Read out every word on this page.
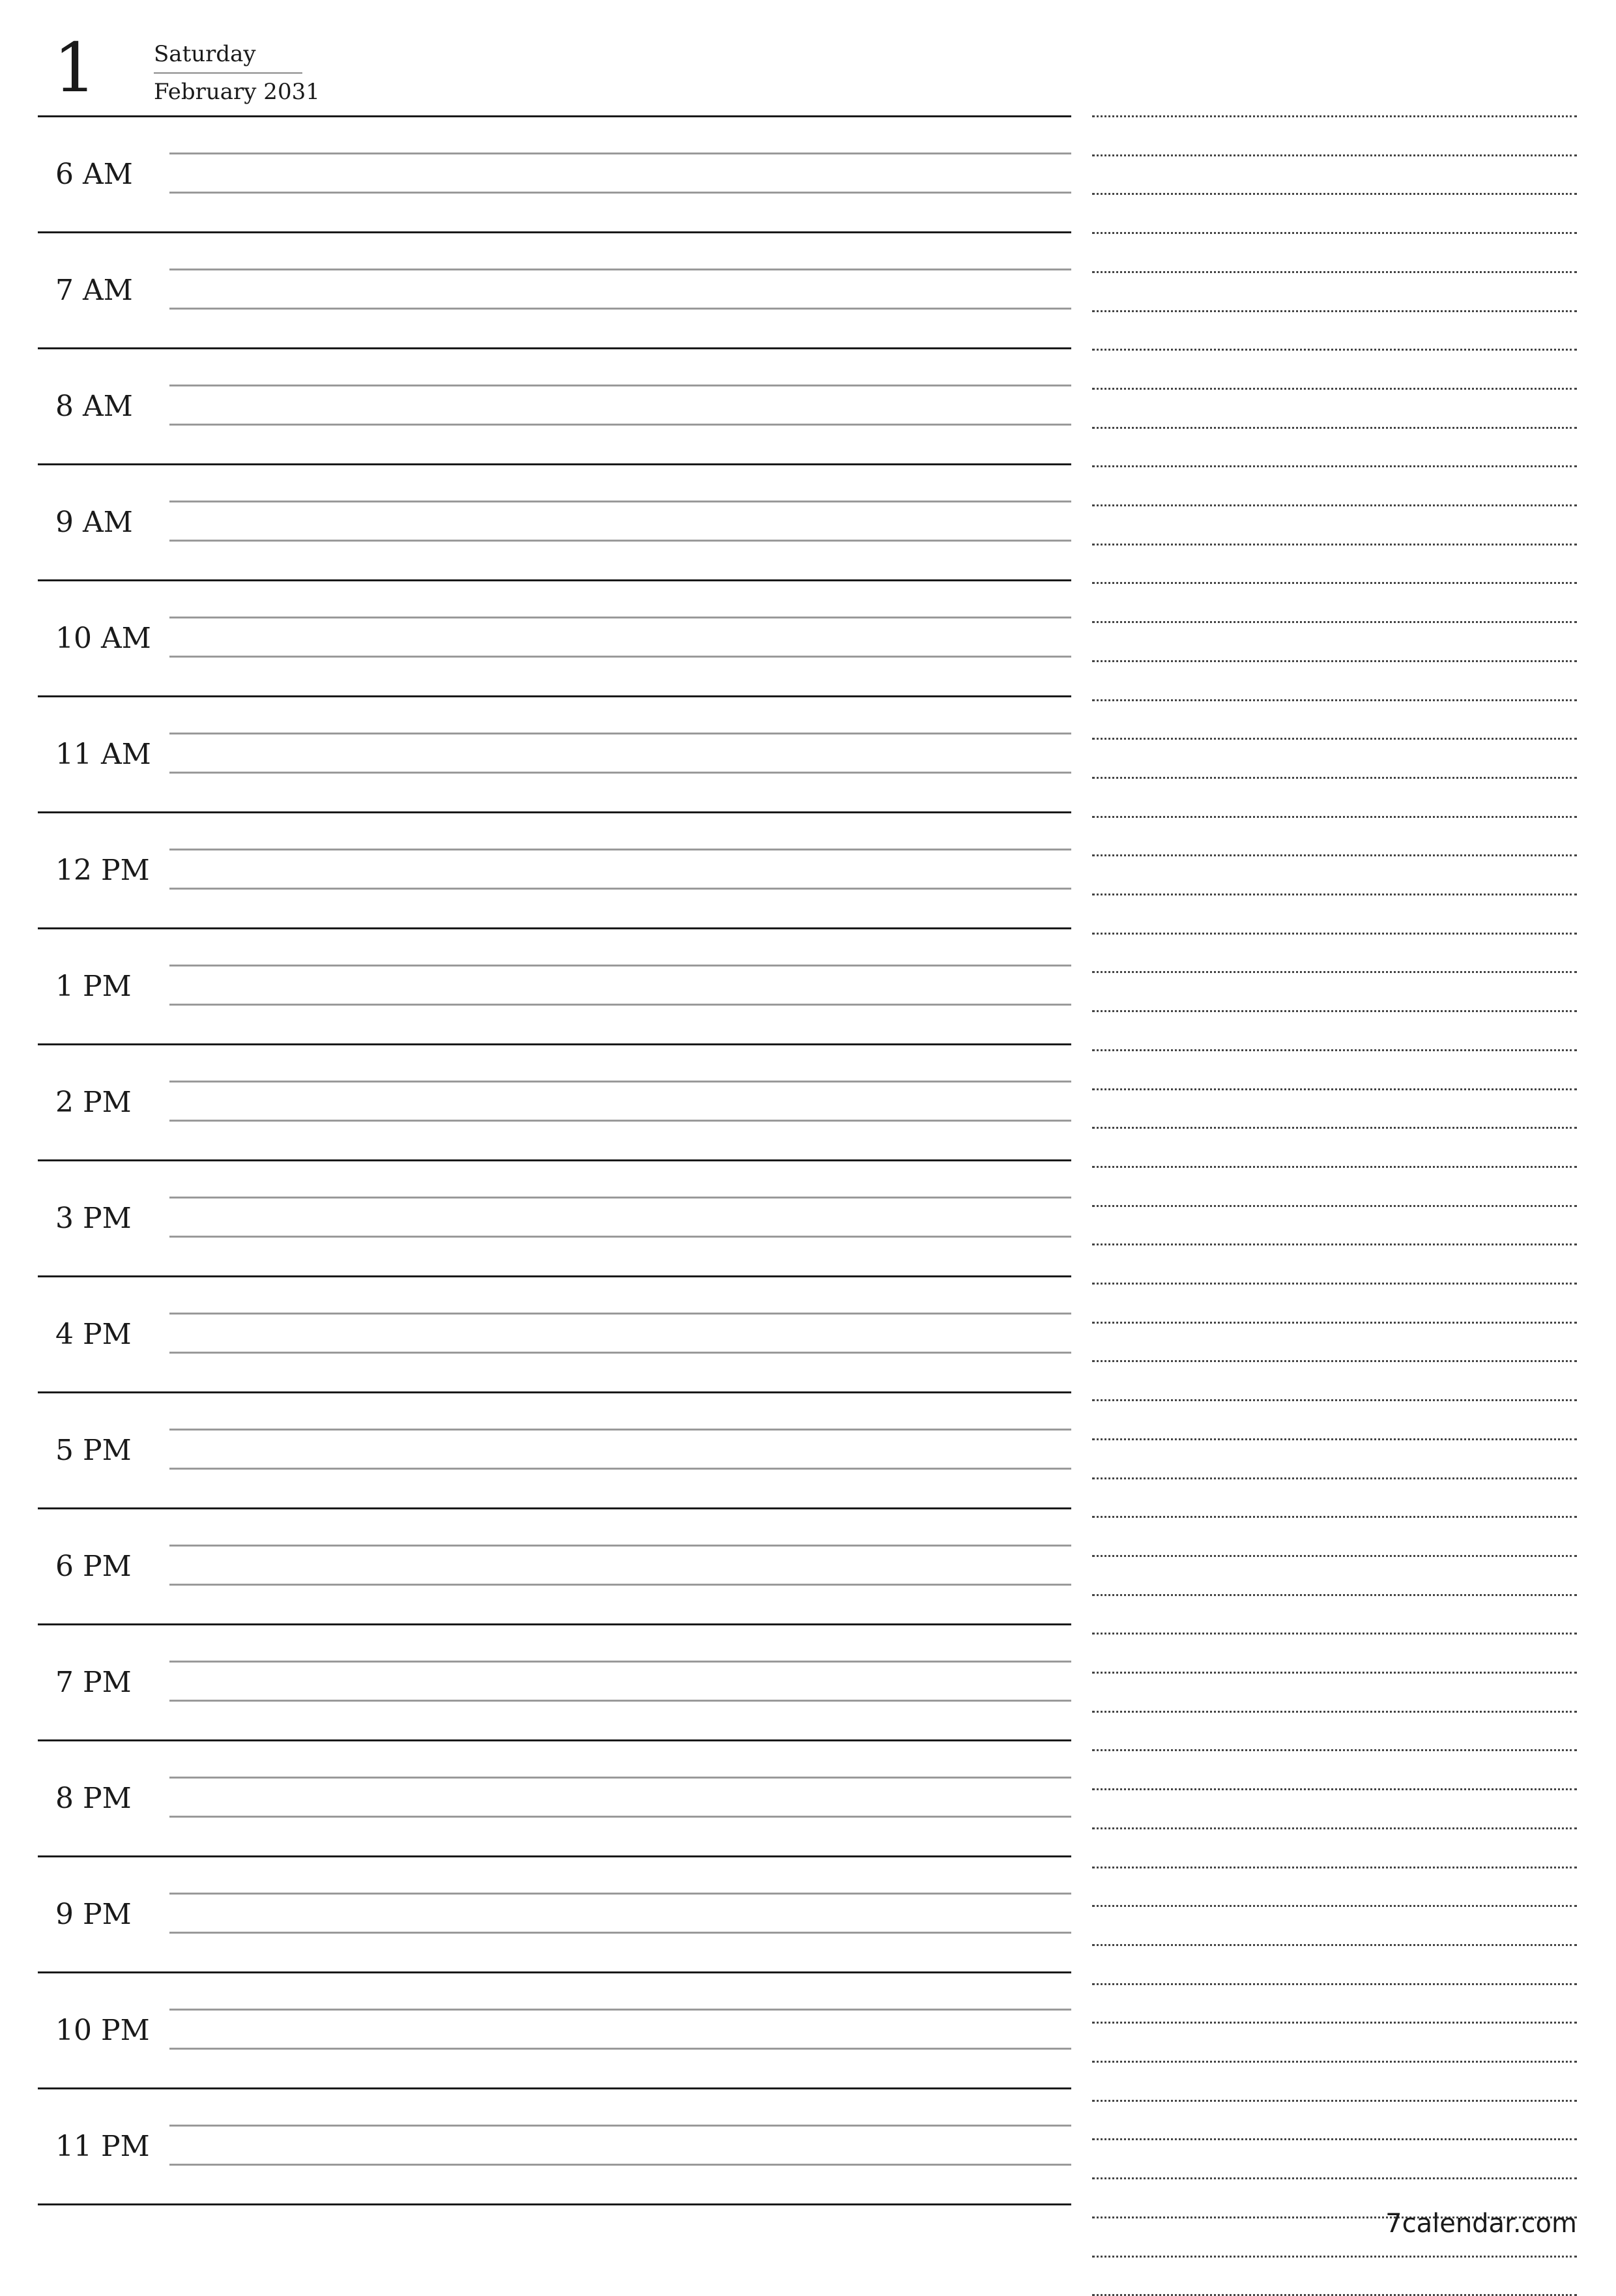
1	Saturday
February 2031
6 AM
7 AM
8 AM
9 AM
10 AM
11 AM
12 PM
1 PM
2 PM
3 PM
4 PM
5 PM
6 PM
7 PM
8 PM
9 PM
10 PM
11 PM
7calendar.com
